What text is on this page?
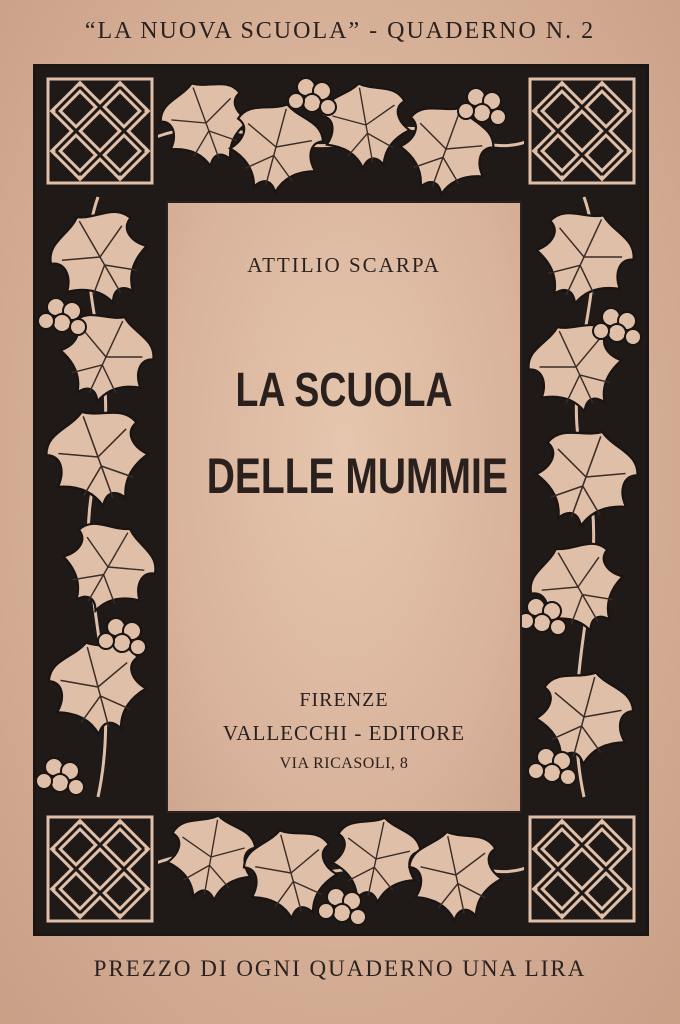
“LA NUOVA SCUOLA” - QUADERNO N. 2
ATTILIO SCARPA
LA SCUOLA
DELLE MUMMIE
FIRENZE
VALLECCHI - EDITORE
VIA RICASOLI, 8
PREZZO DI OGNI QUADERNO UNA LIRA
